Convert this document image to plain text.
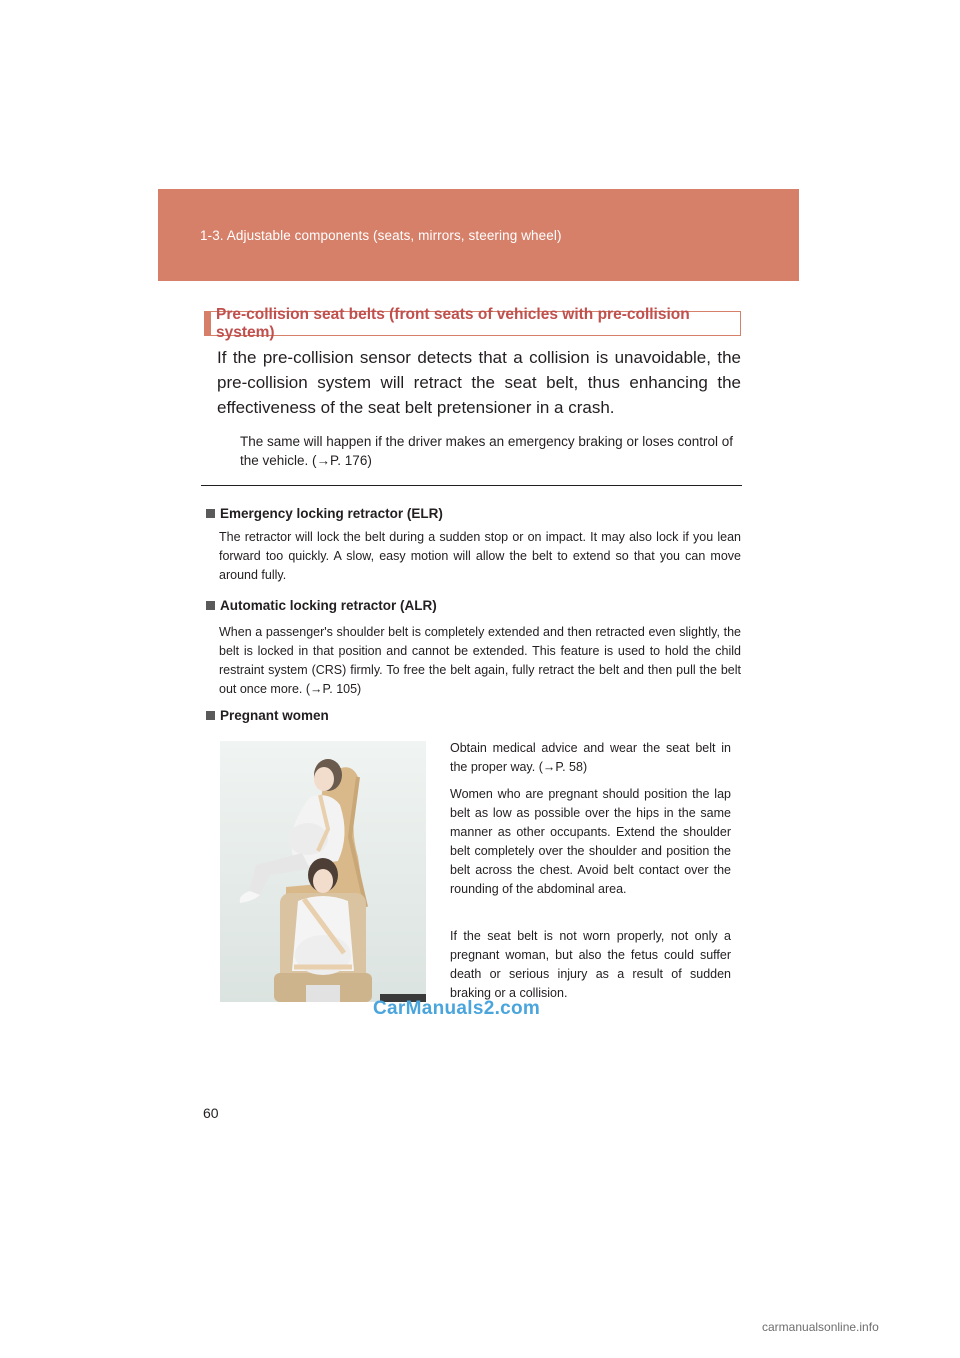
1-3. Adjustable components (seats, mirrors, steering wheel)
Pre-collision seat belts (front seats of vehicles with pre-collision system)
If the pre-collision sensor detects that a collision is unavoidable, the pre-collision system will retract the seat belt, thus enhancing the effectiveness of the seat belt pretensioner in a crash.
The same will happen if the driver makes an emergency braking or loses control of the vehicle. (→P. 176)
Emergency locking retractor (ELR)
The retractor will lock the belt during a sudden stop or on impact. It may also lock if you lean forward too quickly. A slow, easy motion will allow the belt to extend so that you can move around fully.
Automatic locking retractor (ALR)
When a passenger's shoulder belt is completely extended and then retracted even slightly, the belt is locked in that position and cannot be extended. This feature is used to hold the child restraint system (CRS) firmly. To free the belt again, fully retract the belt and then pull the belt out once more. (→P. 105)
Pregnant women
Obtain medical advice and wear the seat belt in the proper way. (→P. 58)
Women who are pregnant should position the lap belt as low as possible over the hips in the same manner as other occupants. Extend the shoulder belt completely over the shoulder and position the belt across the chest. Avoid belt contact over the rounding of the abdominal area.
If the seat belt is not worn properly, not only a pregnant woman, but also the fetus could suffer death or serious injury as a result of sudden braking or a collision.
CarManuals2.com
60
carmanualsonline.info
